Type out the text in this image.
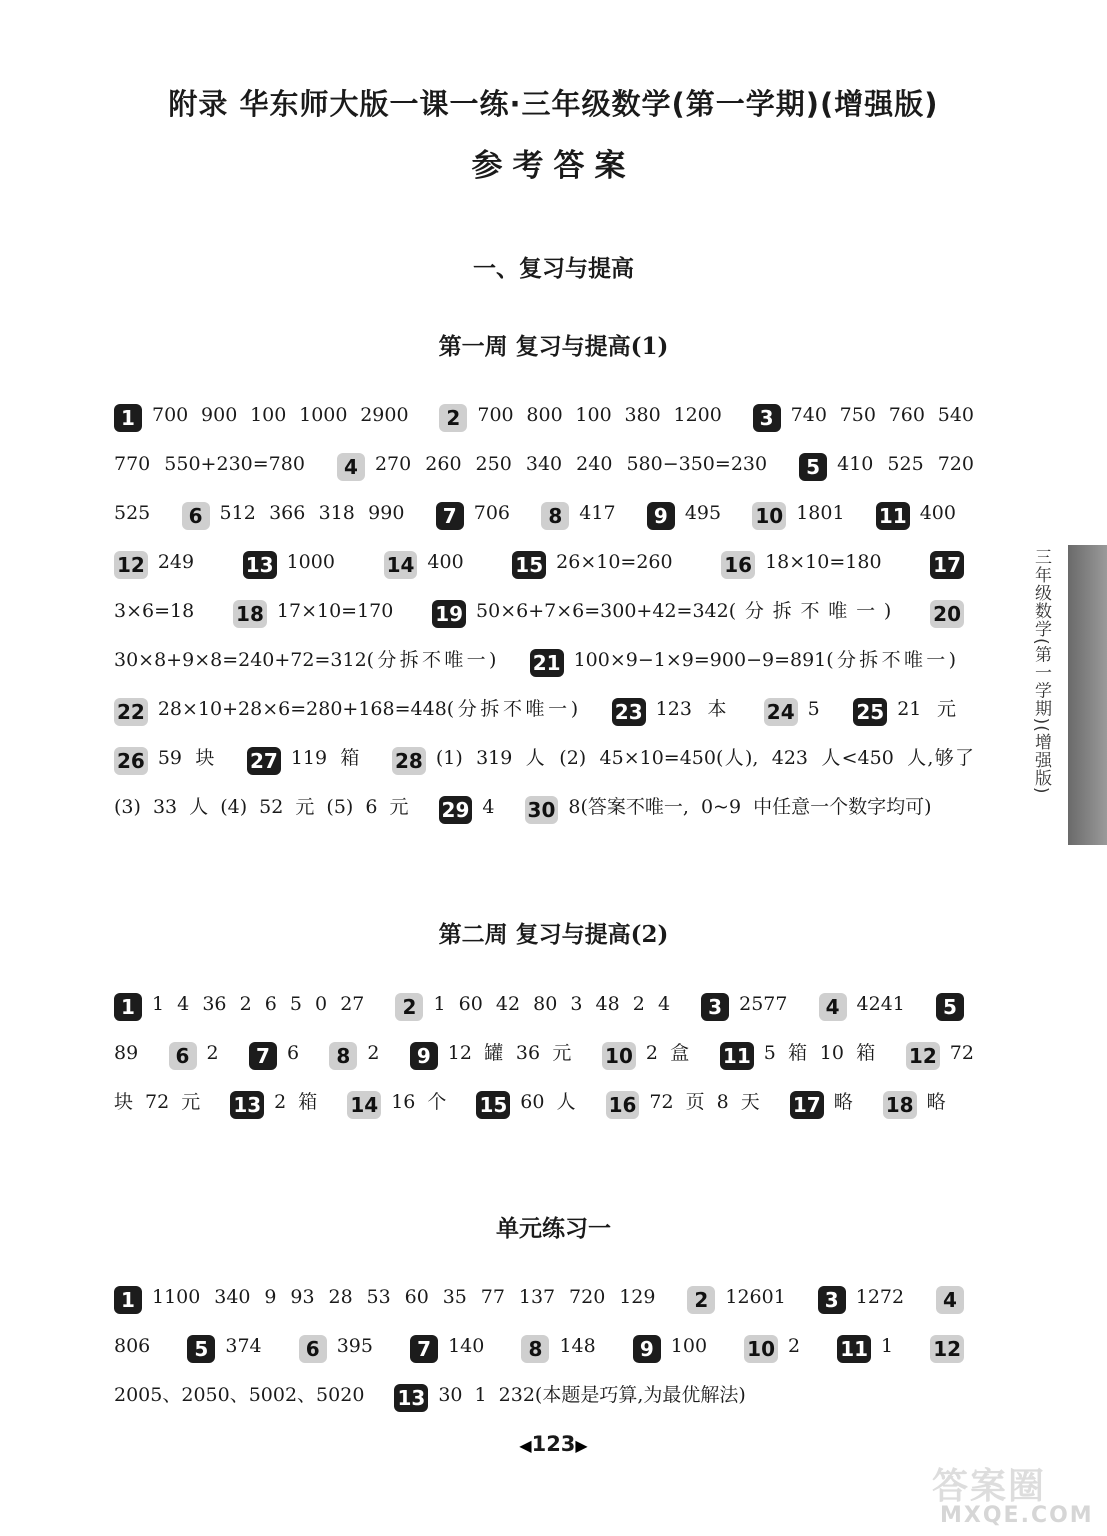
附录 华东师大版一课一练·三年级数学(第一学期)(增强版)
参考答案
一、复习与提高
第一周 复习与提高(1)
1 700 900 100 1000 2900 2 700 800 100 380 1200 3 740 750 760 540 770 550+230=780 4 270 260 250 340 240 580−350=230 5 410 525 720 525 6 512 366 318 990 7 706 8 417 9 495 10 1801 11 400 12 249	13 1000	14 400	15 26×10=260	16 18×10=180	173×6=18 18 17×10=170 19 50×6+7×6=300+42=342(分拆不唯一) 2030×8+9×8=240+72=312(分拆不唯一) 21 100×9−1×9=900−9=891(分拆不唯一) 22 28×10+28×6=280+168=448(分拆不唯一) 23 123 本 24 5 25 21 元 26 59 块 27 119 箱 28 (1) 319 人 (2) 45×10=450(人), 423 人<450 人,够了 (3) 33 人 (4) 52 元 (5) 6 元 29 4 30 8(答案不唯一, 0~9 中任意一个数字均可)
第二周 复习与提高(2)
1 1 4 36 2 6 5 0 27 2 1 60 42 80 3 48 2 4 3 2577 4 4241 589 6 2 7 6 8 2 9 12 罐 36 元 10 2 盒 11 5 箱 10 箱 12 72 块 72 元 13 2 箱 14 16 个 15 60 人 16 72 页 8 天 17 略 18 略
单元练习一
1 1100 340 9 93 28 53 60 35 77 137 720 129 2 12601 3 1272 4806 5 374 6 395 7 140 8 148 9 100 10 2 11 1 122005、2050、5002、5020 13 30 1 232(本题是巧算,为最优解法)
三年级数学(第一学期)(增强版)
◀123▶
答案圈
MXQE.COM
